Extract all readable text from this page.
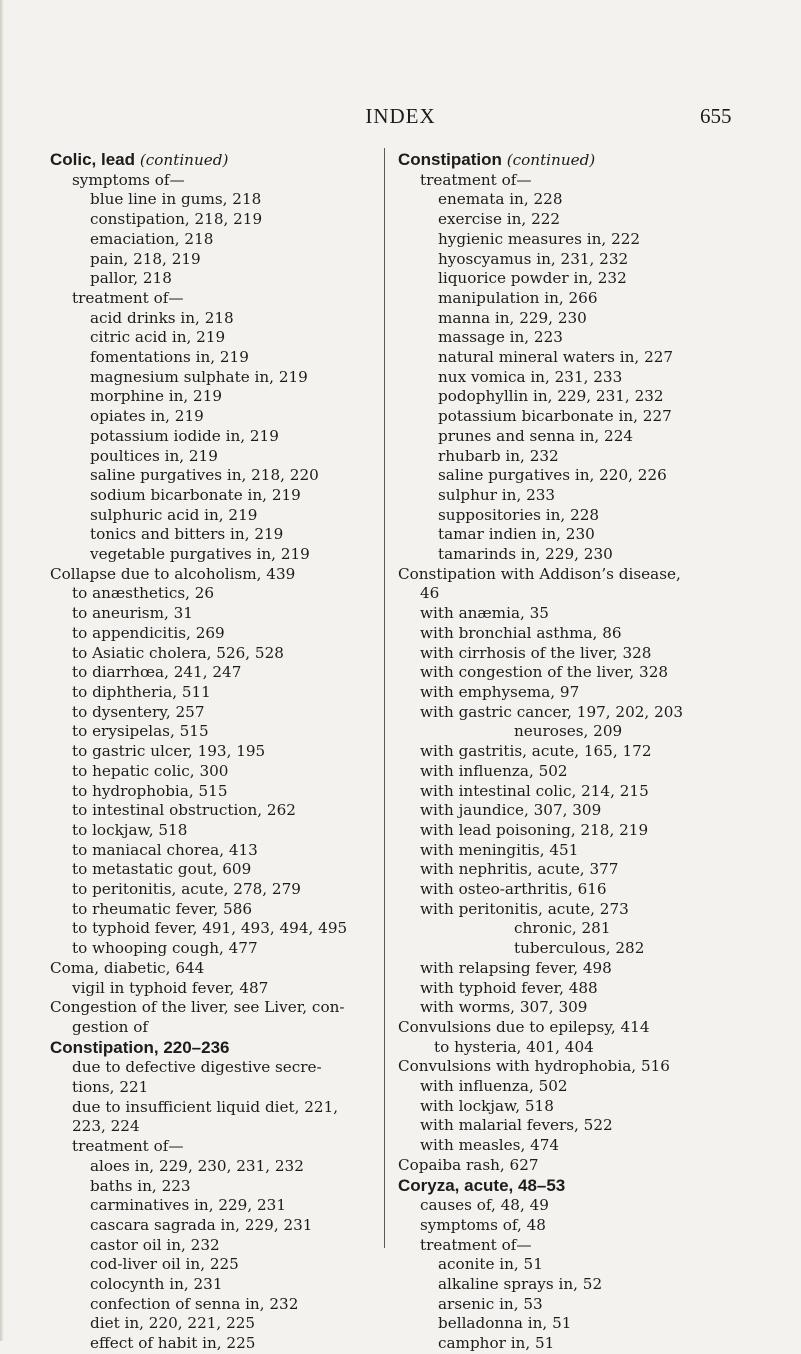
INDEX	655
Colic, lead (continued)
symptoms of—
blue line in gums, 218
constipation, 218, 219
emaciation, 218
pain, 218, 219
pallor, 218
treatment of—
acid drinks in, 218
citric acid in, 219
fomentations in, 219
magnesium sulphate in, 219
morphine in, 219
opiates in, 219
potassium iodide in, 219
poultices in, 219
saline purgatives in, 218, 220
sodium bicarbonate in, 219
sulphuric acid in, 219
tonics and bitters in, 219
vegetable purgatives in, 219
Collapse due to alcoholism, 439
to anæsthetics, 26
to aneurism, 31
to appendicitis, 269
to Asiatic cholera, 526, 528
to diarrhœa, 241, 247
to diphtheria, 511
to dysentery, 257
to erysipelas, 515
to gastric ulcer, 193, 195
to hepatic colic, 300
to hydrophobia, 515
to intestinal obstruction, 262
to lockjaw, 518
to maniacal chorea, 413
to metastatic gout, 609
to peritonitis, acute, 278, 279
to rheumatic fever, 586
to typhoid fever, 491, 493, 494, 495
to whooping cough, 477
Coma, diabetic, 644
vigil in typhoid fever, 487
Congestion of the liver, see Liver, con-
gestion of
Constipation, 220–236
due to defective digestive secre-
tions, 221
due to insufficient liquid diet, 221,
223, 224
treatment of—
aloes in, 229, 230, 231, 232
baths in, 223
carminatives in, 229, 231
cascara sagrada in, 229, 231
castor oil in, 232
cod-liver oil in, 225
colocynth in, 231
confection of senna in, 232
diet in, 220, 221, 225
effect of habit in, 225
Constipation (continued)
treatment of—
enemata in, 228
exercise in, 222
hygienic measures in, 222
hyoscyamus in, 231, 232
liquorice powder in, 232
manipulation in, 266
manna in, 229, 230
massage in, 223
natural mineral waters in, 227
nux vomica in, 231, 233
podophyllin in, 229, 231, 232
potassium bicarbonate in, 227
prunes and senna in, 224
rhubarb in, 232
saline purgatives in, 220, 226
sulphur in, 233
suppositories in, 228
tamar indien in, 230
tamarinds in, 229, 230
Constipation with Addison’s disease,
46
with anæmia, 35
with bronchial asthma, 86
with cirrhosis of the liver, 328
with congestion of the liver, 328
with emphysema, 97
with gastric cancer, 197, 202, 203
neuroses, 209
with gastritis, acute, 165, 172
with influenza, 502
with intestinal colic, 214, 215
with jaundice, 307, 309
with lead poisoning, 218, 219
with meningitis, 451
with nephritis, acute, 377
with osteo-arthritis, 616
with peritonitis, acute, 273
chronic, 281
tuberculous, 282
with relapsing fever, 498
with typhoid fever, 488
with worms, 307, 309
Convulsions due to epilepsy, 414
to hysteria, 401, 404
Convulsions with hydrophobia, 516
with influenza, 502
with lockjaw, 518
with malarial fevers, 522
with measles, 474
Copaiba rash, 627
Coryza, acute, 48–53
causes of, 48, 49
symptoms of, 48
treatment of—
aconite in, 51
alkaline sprays in, 52
arsenic in, 53
belladonna in, 51
camphor in, 51
